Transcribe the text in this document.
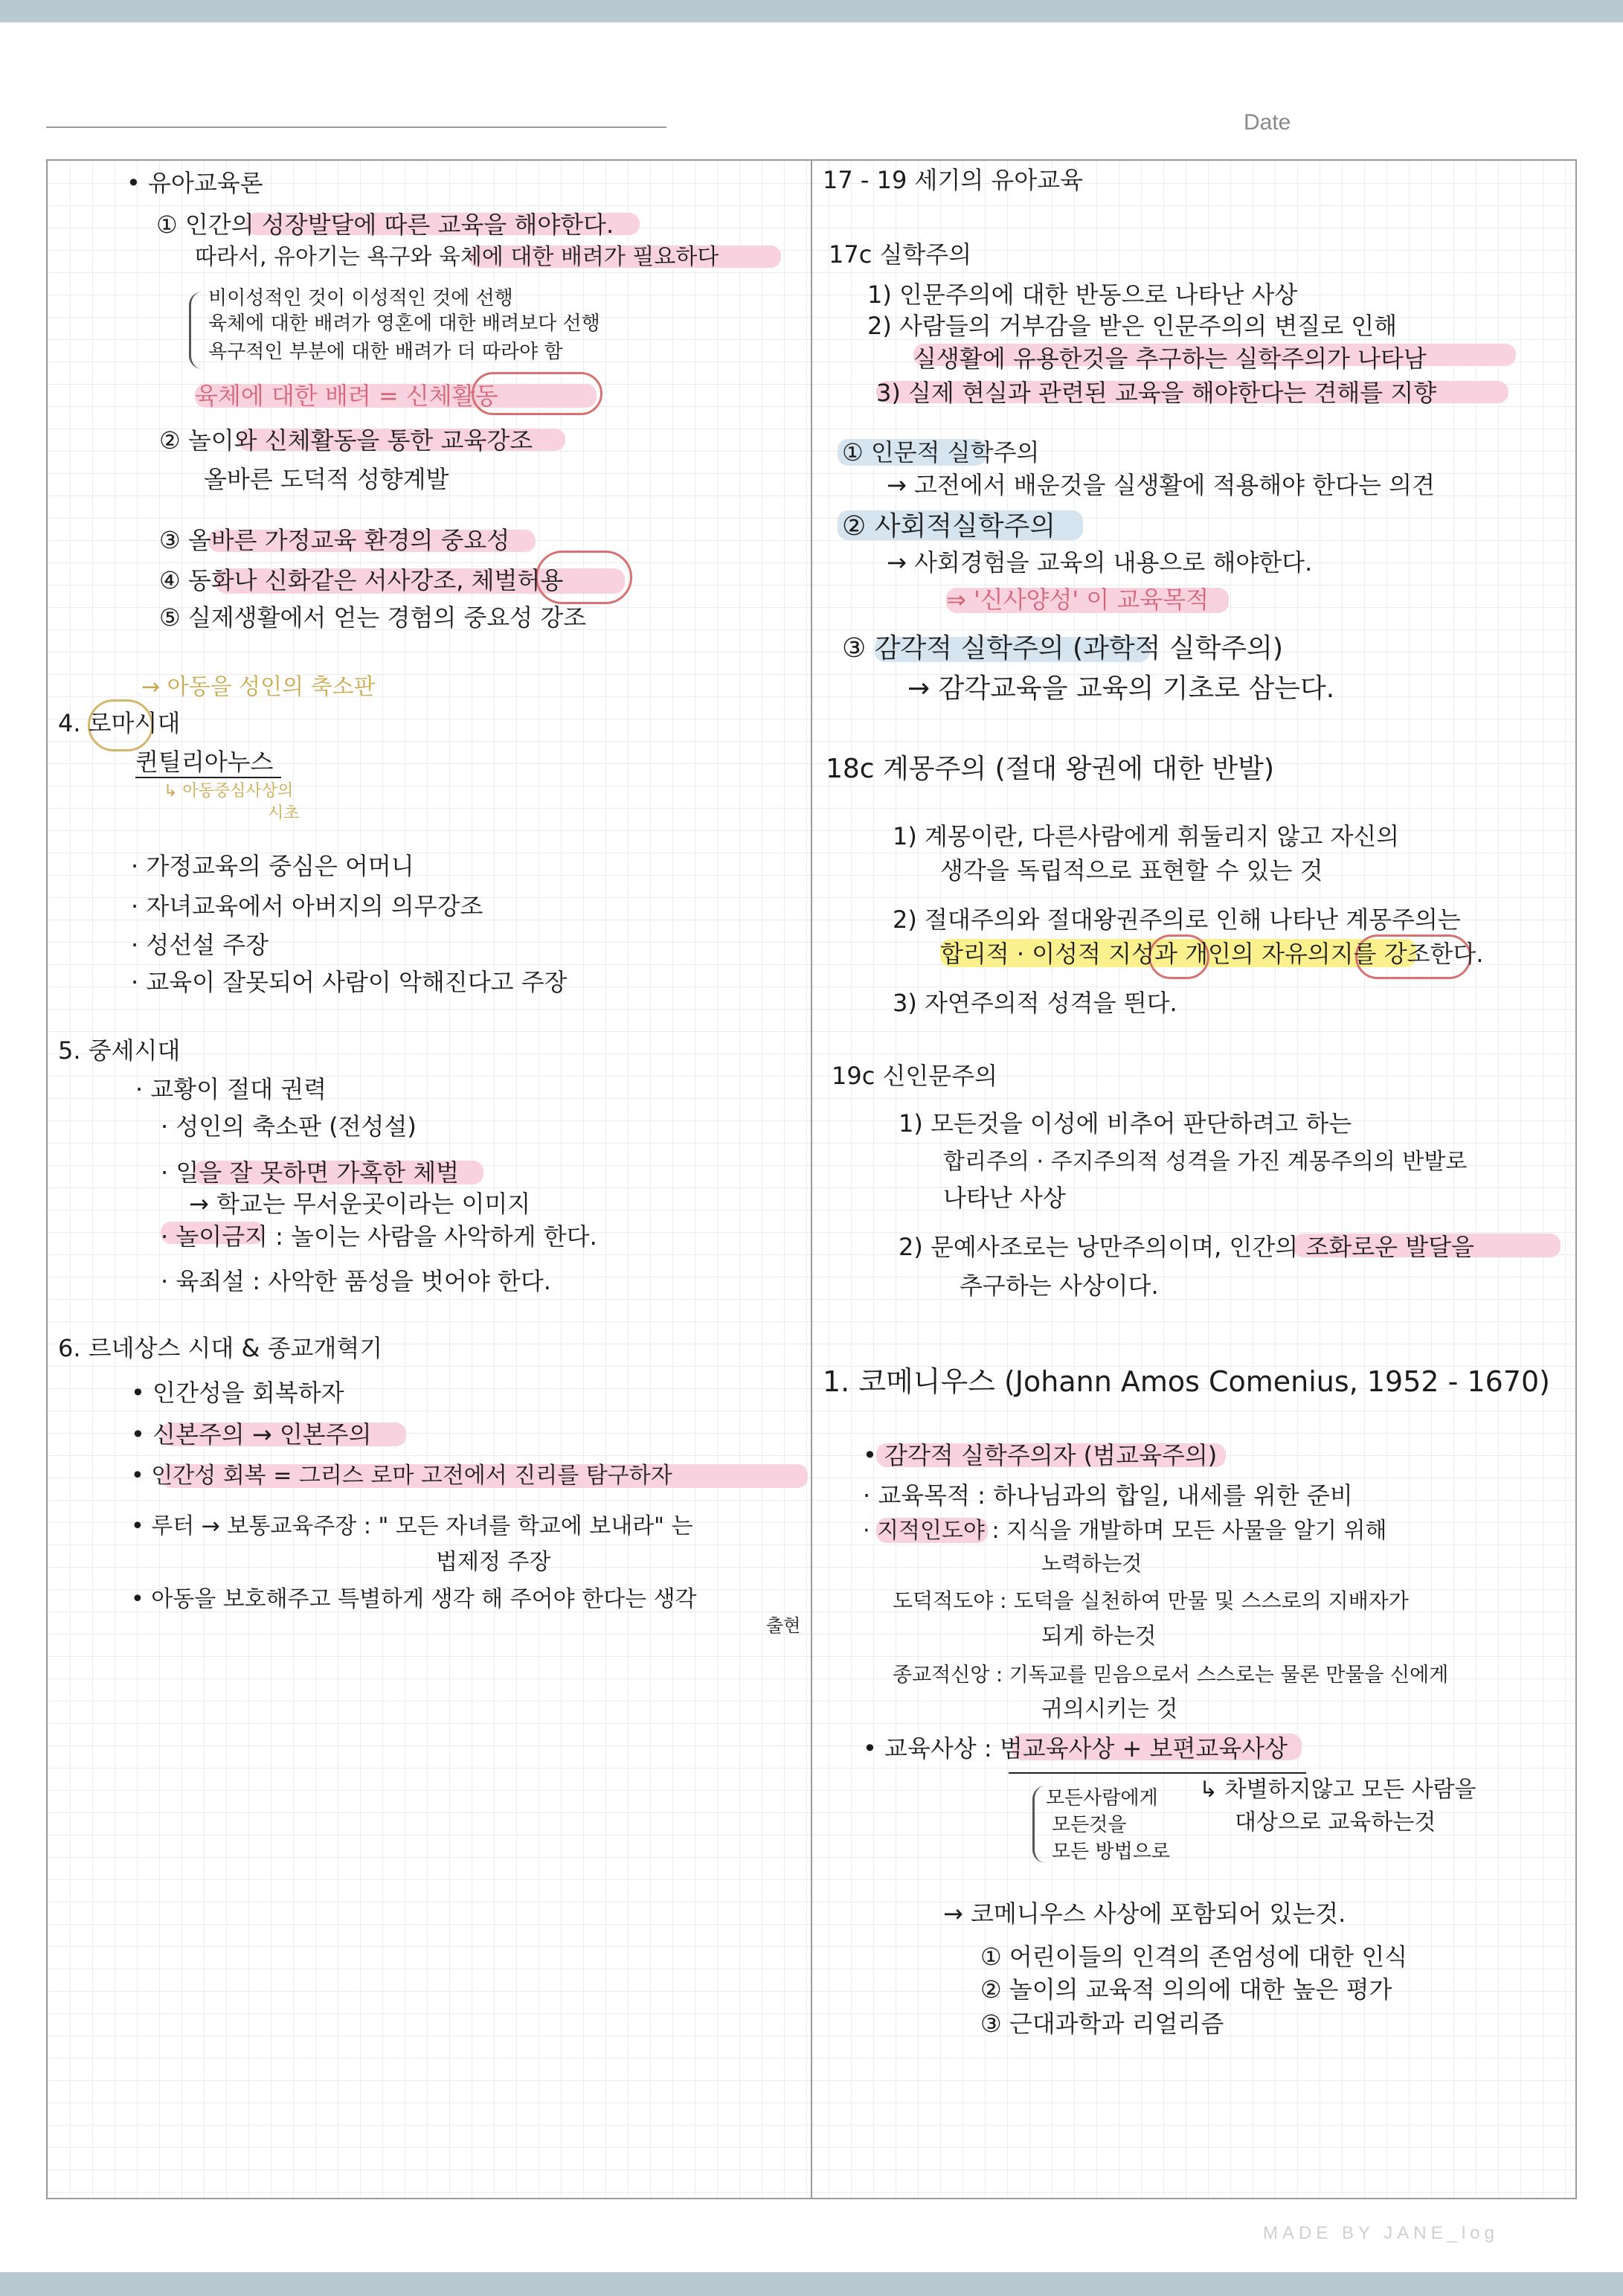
Date
• 유아교육론
① 인간의 성장발달에 따른 교육을 해야한다.
따라서, 유아기는 욕구와 육체에 대한 배려가 필요하다
비이성적인 것이 이성적인 것에 선행
육체에 대한 배려가 영혼에 대한 배려보다 선행
욕구적인 부분에 대한 배려가 더 따라야 함
육체에 대한 배려 = 신체활동
② 놀이와 신체활동을 통한 교육강조
올바른 도덕적 성향계발
③ 올바른 가정교육 환경의 중요성
④ 동화나 신화같은 서사강조, 체벌허용
⑤ 실제생활에서 얻는 경험의 중요성 강조
→ 아동을 성인의 축소판
4. 로마시대
퀸틸리아누스
↳ 아동중심사상의
시초
· 가정교육의 중심은 어머니
· 자녀교육에서 아버지의 의무강조
· 성선설 주장
· 교육이 잘못되어 사람이 악해진다고 주장
5. 중세시대
· 교황이 절대 권력
· 성인의 축소판 (전성설)
· 일을 잘 못하면 가혹한 체벌
→ 학교는 무서운곳이라는 이미지
· 놀이금지 : 놀이는 사람을 사악하게 한다.
· 육죄설 : 사악한 품성을 벗어야 한다.
6. 르네상스 시대 & 종교개혁기
• 인간성을 회복하자
• 신본주의 → 인본주의
• 인간성 회복 = 그리스 로마 고전에서 진리를 탐구하자
• 루터 → 보통교육주장 : " 모든 자녀를 학교에 보내라" 는
법제정 주장
• 아동을 보호해주고 특별하게 생각 해 주어야 한다는 생각
출현
17 - 19 세기의 유아교육
17c 실학주의
1) 인문주의에 대한 반동으로 나타난 사상
2) 사람들의 거부감을 받은 인문주의의 변질로 인해
실생활에 유용한것을 추구하는 실학주의가 나타남
3) 실제 현실과 관련된 교육을 해야한다는 견해를 지향
① 인문적 실학주의
→ 고전에서 배운것을 실생활에 적용해야 한다는 의견
② 사회적실학주의
→ 사회경험을 교육의 내용으로 해야한다.
⇒ '신사양성' 이 교육목적
③ 감각적 실학주의 (과학적 실학주의)
→ 감각교육을 교육의 기초로 삼는다.
18c 계몽주의 (절대 왕권에 대한 반발)
1) 계몽이란, 다른사람에게 휘둘리지 않고 자신의
생각을 독립적으로 표현할 수 있는 것
2) 절대주의와 절대왕권주의로 인해 나타난 계몽주의는
합리적 · 이성적 지성과 개인의 자유의지를 강조한다.
3) 자연주의적 성격을 띈다.
19c 신인문주의
1) 모든것을 이성에 비추어 판단하려고 하는
합리주의 · 주지주의적 성격을 가진 계몽주의의 반발로
나타난 사상
2) 문예사조로는 낭만주의이며, 인간의 조화로운 발달을
추구하는 사상이다.
1. 코메니우스 (Johann Amos Comenius, 1952 - 1670)
• 감각적 실학주의자 (범교육주의)
· 교육목적 : 하나님과의 합일, 내세를 위한 준비
· 지적인도야 : 지식을 개발하며 모든 사물을 알기 위해
노력하는것
도덕적도야 : 도덕을 실천하여 만물 및 스스로의 지배자가
되게 하는것
종교적신앙 : 기독교를 믿음으로서 스스로는 물론 만물을 신에게
귀의시키는 것
• 교육사상 : 범교육사상 + 보편교육사상
모든사람에게
모든것을
모든 방법으로
↳ 차별하지않고 모든 사람을
대상으로 교육하는것
→ 코메니우스 사상에 포함되어 있는것.
① 어린이들의 인격의 존엄성에 대한 인식
② 놀이의 교육적 의의에 대한 높은 평가
③ 근대과학과 리얼리즘
MADE BY JANE_log
